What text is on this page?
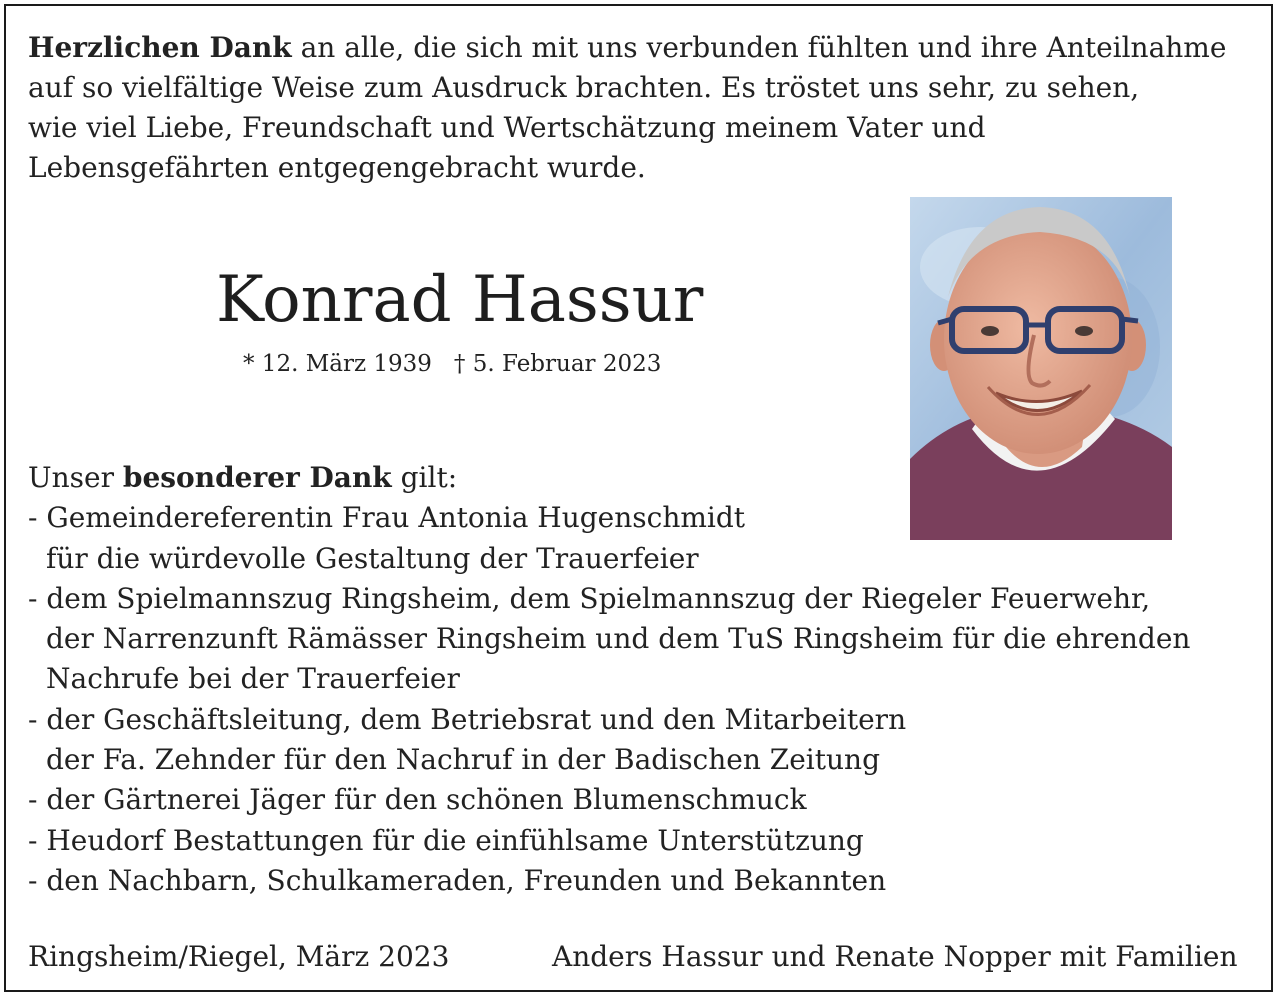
Herzlichen Dank an alle, die sich mit uns verbunden fühlten und ihre Anteilnahme
auf so vielfältige Weise zum Ausdruck brachten. Es tröstet uns sehr, zu sehen,
wie viel Liebe, Freundschaft und Wertschätzung meinem Vater und
Lebensgefährten entgegengebracht wurde.
Konrad Hassur
* 12. März 1939 † 5. Februar 2023
Unser besonderer Dank gilt:
- Gemeindereferentin Frau Antonia Hugenschmidt
für die würdevolle Gestaltung der Trauerfeier
- dem Spielmannszug Ringsheim, dem Spielmannszug der Riegeler Feuerwehr,
der Narrenzunft Rämässer Ringsheim und dem TuS Ringsheim für die ehrenden
Nachrufe bei der Trauerfeier
- der Geschäftsleitung, dem Betriebsrat und den Mitarbeitern
der Fa. Zehnder für den Nachruf in der Badischen Zeitung
- der Gärtnerei Jäger für den schönen Blumenschmuck
- Heudorf Bestattungen für die einfühlsame Unterstützung
- den Nachbarn, Schulkameraden, Freunden und Bekannten
Ringsheim/Riegel, März 2023	Anders Hassur und Renate Nopper mit Familien
